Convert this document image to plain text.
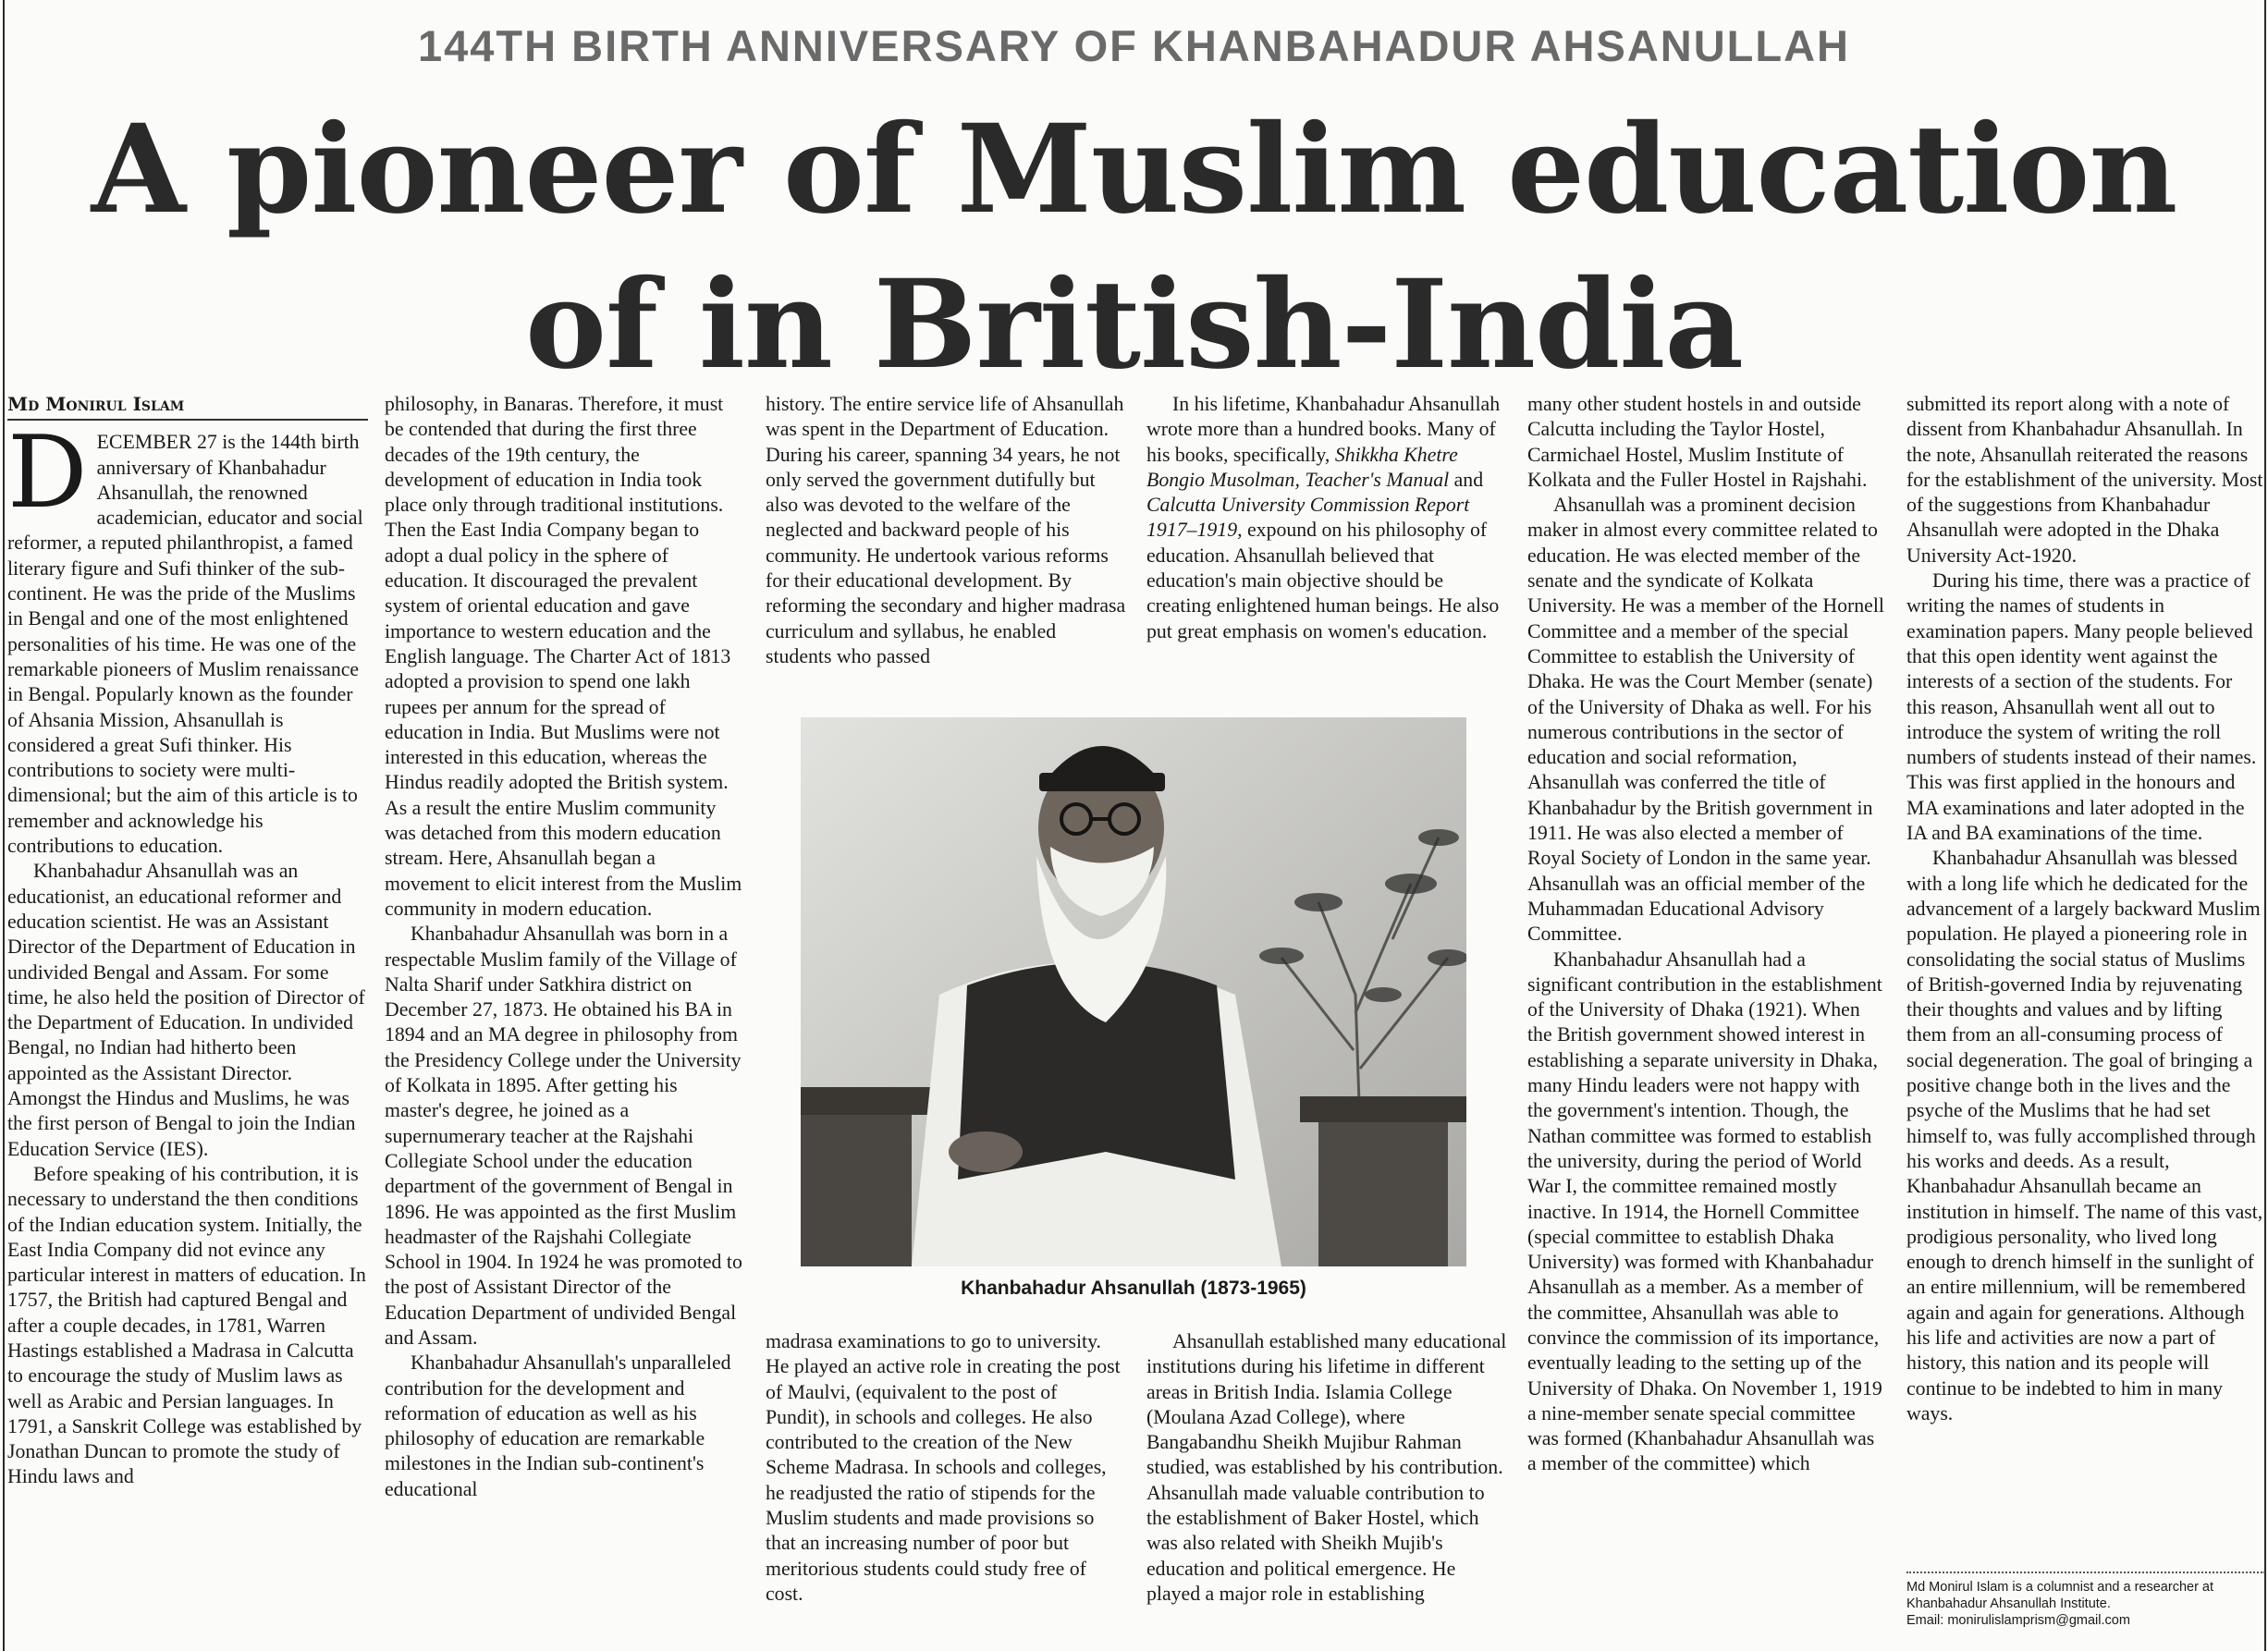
144TH BIRTH ANNIVERSARY OF KHANBAHADUR AHSANULLAH
A pioneer of Muslim education
of in British-India
Md Monirul Islam
D ECEMBER 27 is the 144th birth anniversary of Khanbahadur Ahsanullah, the renowned academician, educator and social reformer, a reputed philanthropist, a famed literary figure and Sufi thinker of the sub-continent. He was the pride of the Muslims in Bengal and one of the most enlightened personalities of his time. He was one of the remarkable pioneers of Muslim renaissance in Bengal. Popularly known as the founder of Ahsania Mission, Ahsanullah is considered a great Sufi thinker. His contributions to society were multi-dimensional; but the aim of this article is to remember and acknowledge his contributions to education.

Khanbahadur Ahsanullah was an educationist, an educational reformer and education scientist. He was an Assistant Director of the Department of Education in undivided Bengal and Assam. For some time, he also held the position of Director of the Department of Education. In undivided Bengal, no Indian had hitherto been appointed as the Assistant Director. Amongst the Hindus and Muslims, he was the first person of Bengal to join the Indian Education Service (IES).

Before speaking of his contribution, it is necessary to understand the then conditions of the Indian education system. Initially, the East India Company did not evince any particular interest in matters of education. In 1757, the British had captured Bengal and after a couple decades, in 1781, Warren Hastings established a Madrasa in Calcutta to encourage the study of Muslim laws as well as Arabic and Persian languages. In 1791, a Sanskrit College was established by Jonathan Duncan to promote the study of Hindu laws and

philosophy, in Banaras. Therefore, it must be contended that during the first three decades of the 19th century, the development of education in India took place only through traditional institutions. Then the East India Company began to adopt a dual policy in the sphere of education. It discouraged the prevalent system of oriental education and gave importance to western education and the English language. The Charter Act of 1813 adopted a provision to spend one lakh rupees per annum for the spread of education in India. But Muslims were not interested in this education, whereas the Hindus readily adopted the British system. As a result the entire Muslim community was detached from this modern education stream. Here, Ahsanullah began a movement to elicit interest from the Muslim community in modern education.

Khanbahadur Ahsanullah was born in a respectable Muslim family of the Village of Nalta Sharif under Satkhira district on December 27, 1873. He obtained his BA in 1894 and an MA degree in philosophy from the Presidency College under the University of Kolkata in 1895. After getting his master's degree, he joined as a supernumerary teacher at the Rajshahi Collegiate School under the education department of the government of Bengal in 1896. He was appointed as the first Muslim headmaster of the Rajshahi Collegiate School in 1904. In 1924 he was promoted to the post of Assistant Director of the Education Department of undivided Bengal and Assam.

Khanbahadur Ahsanullah's unparalleled contribution for the development and reformation of education as well as his philosophy of education are remarkable milestones in the Indian sub-continent's educational

history. The entire service life of Ahsanullah was spent in the Department of Education. During his career, spanning 34 years, he not only served the government dutifully but also was devoted to the welfare of the neglected and backward people of his community. He undertook various reforms for their educational development. By reforming the secondary and higher madrasa curriculum and syllabus, he enabled students who passed

In his lifetime, Khanbahadur Ahsanullah wrote more than a hundred books. Many of his books, specifically, Shikkha Khetre Bongio Musolman, Teacher's Manual and Calcutta University Commission Report 1917–1919, expound on his philosophy of education. Ahsanullah believed that education's main objective should be creating enlightened human beings. He also put great emphasis on women's education.

Khanbahadur Ahsanullah (1873-1965)

madrasa examinations to go to university. He played an active role in creating the post of Maulvi, (equivalent to the post of Pundit), in schools and colleges. He also contributed to the creation of the New Scheme Madrasa. In schools and colleges, he readjusted the ratio of stipends for the Muslim students and made provisions so that an increasing number of poor but meritorious students could study free of cost.

Ahsanullah established many educational institutions during his lifetime in different areas in British India. Islamia College (Moulana Azad College), where Bangabandhu Sheikh Mujibur Rahman studied, was established by his contribution. Ahsanullah made valuable contribution to the establishment of Baker Hostel, which was also related with Sheikh Mujib's education and political emergence. He played a major role in establishing

many other student hostels in and outside Calcutta including the Taylor Hostel, Carmichael Hostel, Muslim Institute of Kolkata and the Fuller Hostel in Rajshahi.

Ahsanullah was a prominent decision maker in almost every committee related to education. He was elected member of the senate and the syndicate of Kolkata University. He was a member of the Hornell Committee and a member of the special Committee to establish the University of Dhaka. He was the Court Member (senate) of the University of Dhaka as well. For his numerous contributions in the sector of education and social reformation, Ahsanullah was conferred the title of Khanbahadur by the British government in 1911. He was also elected a member of Royal Society of London in the same year. Ahsanullah was an official member of the Muhammadan Educational Advisory Committee.

Khanbahadur Ahsanullah had a significant contribution in the establishment of the University of Dhaka (1921). When the British government showed interest in establishing a separate university in Dhaka, many Hindu leaders were not happy with the government's intention. Though, the Nathan committee was formed to establish the university, during the period of World War I, the committee remained mostly inactive. In 1914, the Hornell Committee (special committee to establish Dhaka University) was formed with Khanbahadur Ahsanullah as a member. As a member of the committee, Ahsanullah was able to convince the commission of its importance, eventually leading to the setting up of the University of Dhaka. On November 1, 1919 a nine-member senate special committee was formed (Khanbahadur Ahsanullah was a member of the committee) which

submitted its report along with a note of dissent from Khanbahadur Ahsanullah. In the note, Ahsanullah reiterated the reasons for the establishment of the university. Most of the suggestions from Khanbahadur Ahsanullah were adopted in the Dhaka University Act-1920.

During his time, there was a practice of writing the names of students in examination papers. Many people believed that this open identity went against the interests of a section of the students. For this reason, Ahsanullah went all out to introduce the system of writing the roll numbers of students instead of their names. This was first applied in the honours and MA examinations and later adopted in the IA and BA examinations of the time.

Khanbahadur Ahsanullah was blessed with a long life which he dedicated for the advancement of a largely backward Muslim population. He played a pioneering role in consolidating the social status of Muslims of British-governed India by rejuvenating their thoughts and values and by lifting them from an all-consuming process of social degeneration. The goal of bringing a positive change both in the lives and the psyche of the Muslims that he had set himself to, was fully accomplished through his works and deeds. As a result, Khanbahadur Ahsanullah became an institution in himself. The name of this vast, prodigious personality, who lived long enough to drench himself in the sunlight of an entire millennium, will be remembered again and again for generations. Although his life and activities are now a part of history, this nation and its people will continue to be indebted to him in many ways.

Md Monirul Islam is a columnist and a researcher at Khanbahadur Ahsanullah Institute.
Email: monirulislamprism@gmail.com
